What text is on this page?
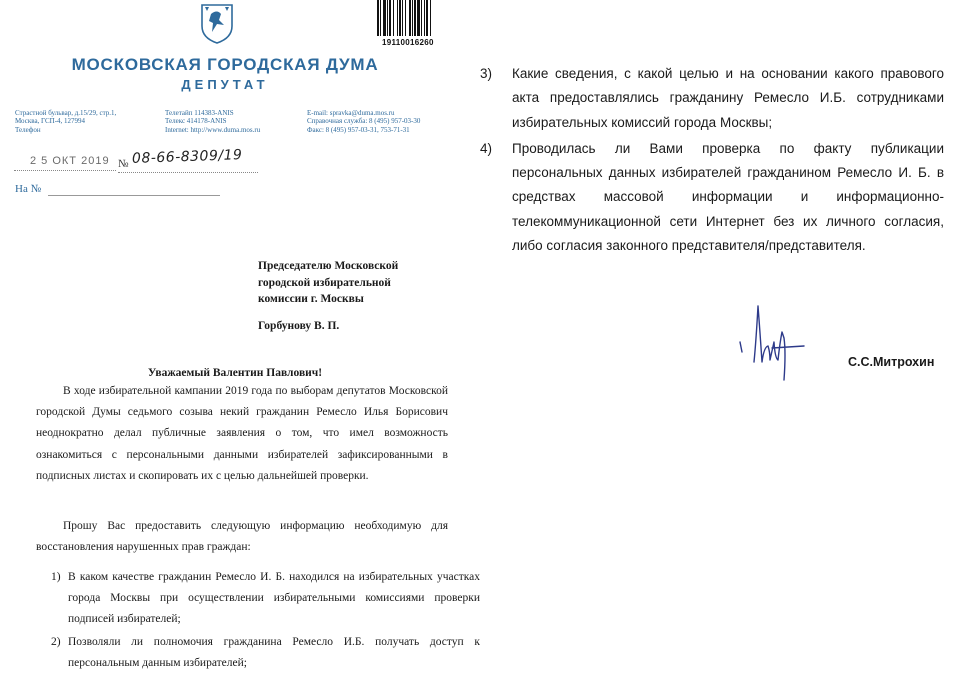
19110016260
МОСКОВСКАЯ ГОРОДСКАЯ ДУМА
ДЕПУТАТ
Страстной бульвар, д.15/29, стр.1,
Москва, ГСП-4, 127994
Телефон
Телетайп 114383-ANIS
Телекс 414178-ANIS
Internet: http://www.duma.mos.ru
E-mail: spravka@duma.mos.ru
Справочная служба: 8 (495) 957-03-30
Факс: 8 (495) 957-03-31, 753-71-31
2 5 ОКТ 2019 № 08-66-8309/19
На №
Председателю Московской
городской избирательной
комиссии г. Москвы
Горбунову В. П.
Уважаемый Валентин Павлович!
В ходе избирательной кампании 2019 года по выборам депутатов Московской городской Думы седьмого созыва некий гражданин Ремесло Илья Борисович неоднократно делал публичные заявления о том, что имел возможность ознакомиться с персональными данными избирателей зафиксированными в подписных листах и скопировать их с целью дальнейшей проверки.
Прошу Вас предоставить следующую информацию необходимую для восстановления нарушенных прав граждан:
1) В каком качестве гражданин Ремесло И. Б. находился на избирательных участках города Москвы при осуществлении избирательными комиссиями проверки подписей избирателей;
2) Позволяли ли полномочия гражданина Ремесло И.Б. получать доступ к персональным данным избирателей;
3) Какие сведения, с какой целью и на основании какого правового акта предоставлялись гражданину Ремесло И.Б. сотрудниками избирательных комиссий города Москвы;
4) Проводилась ли Вами проверка по факту публикации персональных данных избирателей гражданином Ремесло И. Б. в средствах массовой информации и информационно-телекоммуникационной сети Интернет без их личного согласия, либо согласия законного представителя/представителя.
С.С.Митрохин
